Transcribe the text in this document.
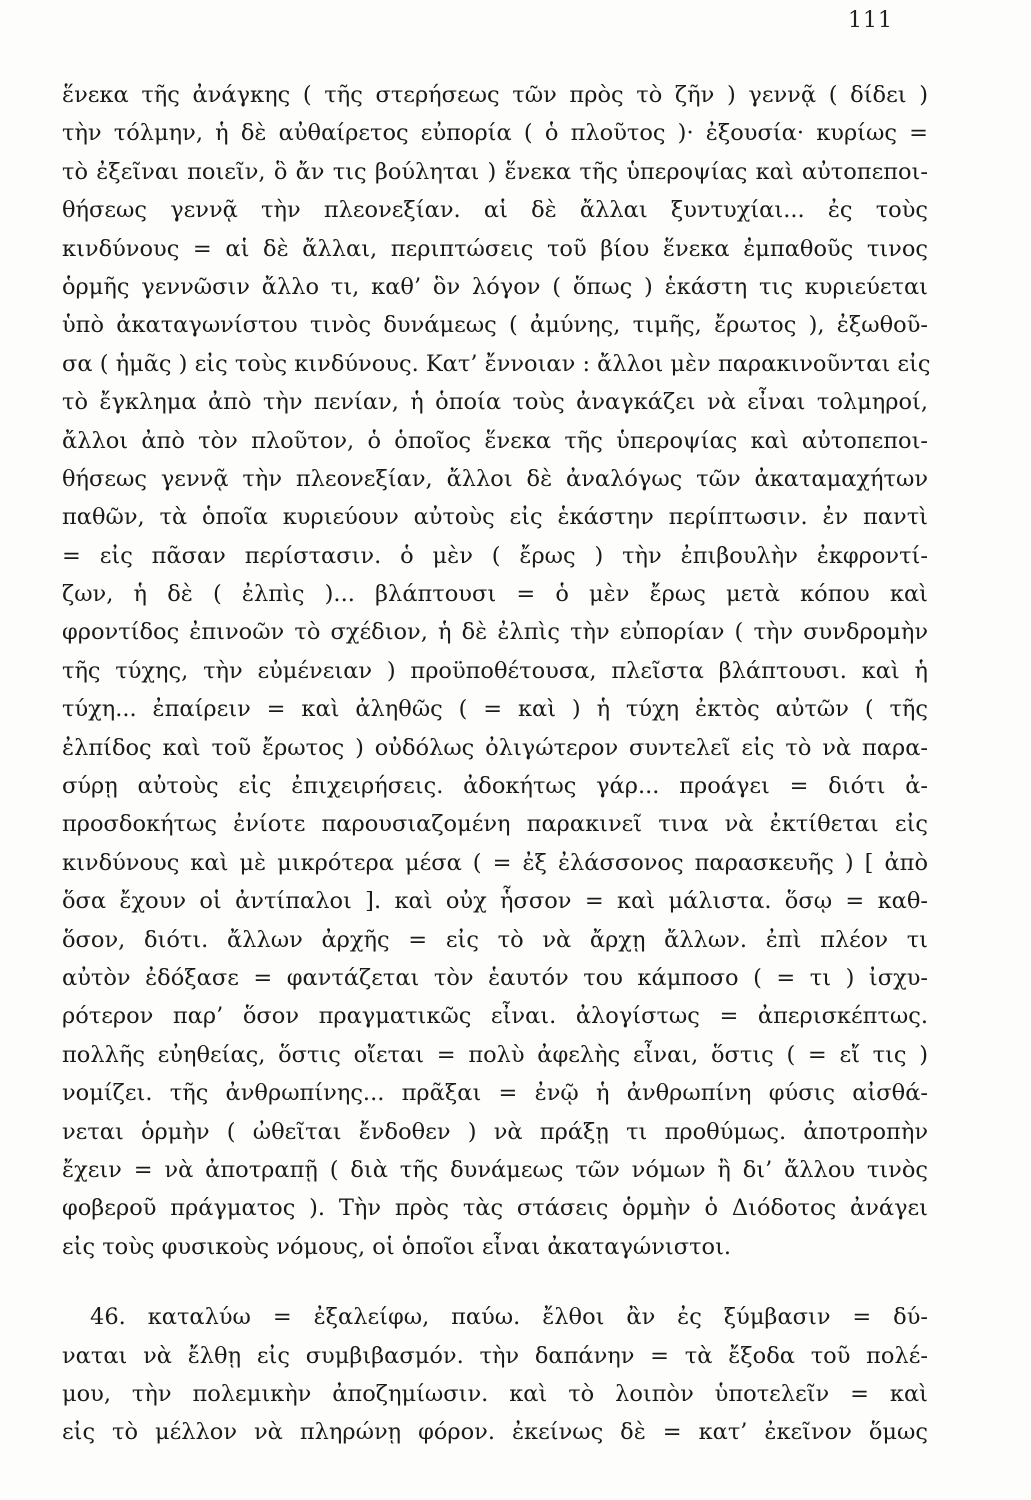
111
ἕνεκα τῆς ἀνάγκης ( τῆς στερήσεως τῶν πρὸς τὸ ζῆν ) γεννᾷ ( δίδει )
τὴν τόλμην, ἡ δὲ αὐθαίρετος εὐπορία ( ὁ πλοῦτος )· ἐξουσία· κυρίως =
τὸ ἐξεῖναι ποιεῖν, ὃ ἄν τις βούληται ) ἕνεκα τῆς ὑπεροψίας καὶ αὐτοπεποι-
θήσεως γεννᾷ τὴν πλεονεξίαν. αἱ δὲ ἄλλαι ξυντυχίαι... ἐς τοὺς
κινδύνους = αἱ δὲ ἄλλαι, περιπτώσεις τοῦ βίου ἕνεκα ἐμπαθοῦς τινος
ὁρμῆς γεννῶσιν ἄλλο τι, καθ’ ὃν λόγον ( ὅπως ) ἑκάστη τις κυριεύεται
ὑπὸ ἀκαταγωνίστου τινὸς δυνάμεως ( ἀμύνης, τιμῆς, ἔρωτος ), ἐξωθοῦ-
σα ( ἡμᾶς ) εἰς τοὺς κινδύνους. Κατ’ ἔννοιαν : ἄλλοι μὲν παρακινοῦνται εἰς
τὸ ἔγκλημα ἀπὸ τὴν πενίαν, ἡ ὁποία τοὺς ἀναγκάζει νὰ εἶναι τολμηροί,
ἄλλοι ἀπὸ τὸν πλοῦτον, ὁ ὁποῖος ἕνεκα τῆς ὑπεροψίας καὶ αὐτοπεποι-
θήσεως γεννᾷ τὴν πλεονεξίαν, ἄλλοι δὲ ἀναλόγως τῶν ἀκαταμαχήτων
παθῶν, τὰ ὁποῖα κυριεύουν αὐτοὺς εἰς ἑκάστην περίπτωσιν. ἐν παντὶ
= εἰς πᾶσαν περίστασιν. ὁ μὲν ( ἔρως ) τὴν ἐπιβουλὴν ἐκφροντί-
ζων, ἡ δὲ ( ἐλπὶς )... βλάπτουσι = ὁ μὲν ἔρως μετὰ κόπου καὶ
φροντίδος ἐπινοῶν τὸ σχέδιον, ἡ δὲ ἐλπὶς τὴν εὐπορίαν ( τὴν συνδρομὴν
τῆς τύχης, τὴν εὐμένειαν ) προϋποθέτουσα, πλεῖστα βλάπτουσι. καὶ ἡ
τύχη... ἐπαίρειν = καὶ ἀληθῶς ( = καὶ ) ἡ τύχη ἐκτὸς αὐτῶν ( τῆς
ἐλπίδος καὶ τοῦ ἔρωτος ) οὐδόλως ὀλιγώτερον συντελεῖ εἰς τὸ νὰ παρα-
σύρῃ αὐτοὺς εἰς ἐπιχειρήσεις. ἀδοκήτως γάρ... προάγει = διότι ἀ-
προσδοκήτως ἐνίοτε παρουσιαζομένη παρακινεῖ τινα νὰ ἐκτίθεται εἰς
κινδύνους καὶ μὲ μικρότερα μέσα ( = ἐξ ἐλάσσονος παρασκευῆς ) [ ἀπὸ
ὅσα ἔχουν οἱ ἀντίπαλοι ]. καὶ οὐχ ἧσσον = καὶ μάλιστα. ὅσῳ = καθ-
ὅσον, διότι. ἄλλων ἀρχῆς = εἰς τὸ νὰ ἄρχῃ ἄλλων. ἐπὶ πλέον τι
αὐτὸν ἐδόξασε = φαντάζεται τὸν ἑαυτόν του κάμποσο ( = τι ) ἰσχυ-
ρότερον παρ’ ὅσον πραγματικῶς εἶναι. ἀλογίστως = ἀπερισκέπτως.
πολλῆς εὐηθείας, ὅστις οἴεται = πολὺ ἀφελὴς εἶναι, ὅστις ( = εἴ τις )
νομίζει. τῆς ἀνθρωπίνης... πρᾶξαι = ἐνῷ ἡ ἀνθρωπίνη φύσις αἰσθά-
νεται ὁρμὴν ( ὠθεῖται ἔνδοθεν ) νὰ πράξῃ τι προθύμως. ἀποτροπὴν
ἔχειν = νὰ ἀποτραπῇ ( διὰ τῆς δυνάμεως τῶν νόμων ἢ δι’ ἄλλου τινὸς
φοβεροῦ πράγματος ). Τὴν πρὸς τὰς στάσεις ὁρμὴν ὁ Διόδοτος ἀνάγει
εἰς τοὺς φυσικοὺς νόμους, οἱ ὁποῖοι εἶναι ἀκαταγώνιστοι.
46. καταλύω = ἐξαλείφω, παύω. ἔλθοι ἂν ἐς ξύμβασιν = δύ-
ναται νὰ ἔλθῃ εἰς συμβιβασμόν. τὴν δαπάνην = τὰ ἔξοδα τοῦ πολέ-
μου, τὴν πολεμικὴν ἀποζημίωσιν. καὶ τὸ λοιπὸν ὑποτελεῖν = καὶ
εἰς τὸ μέλλον νὰ πληρώνῃ φόρον. ἐκείνως δὲ = κατ’ ἐκεῖνον ὅμως
